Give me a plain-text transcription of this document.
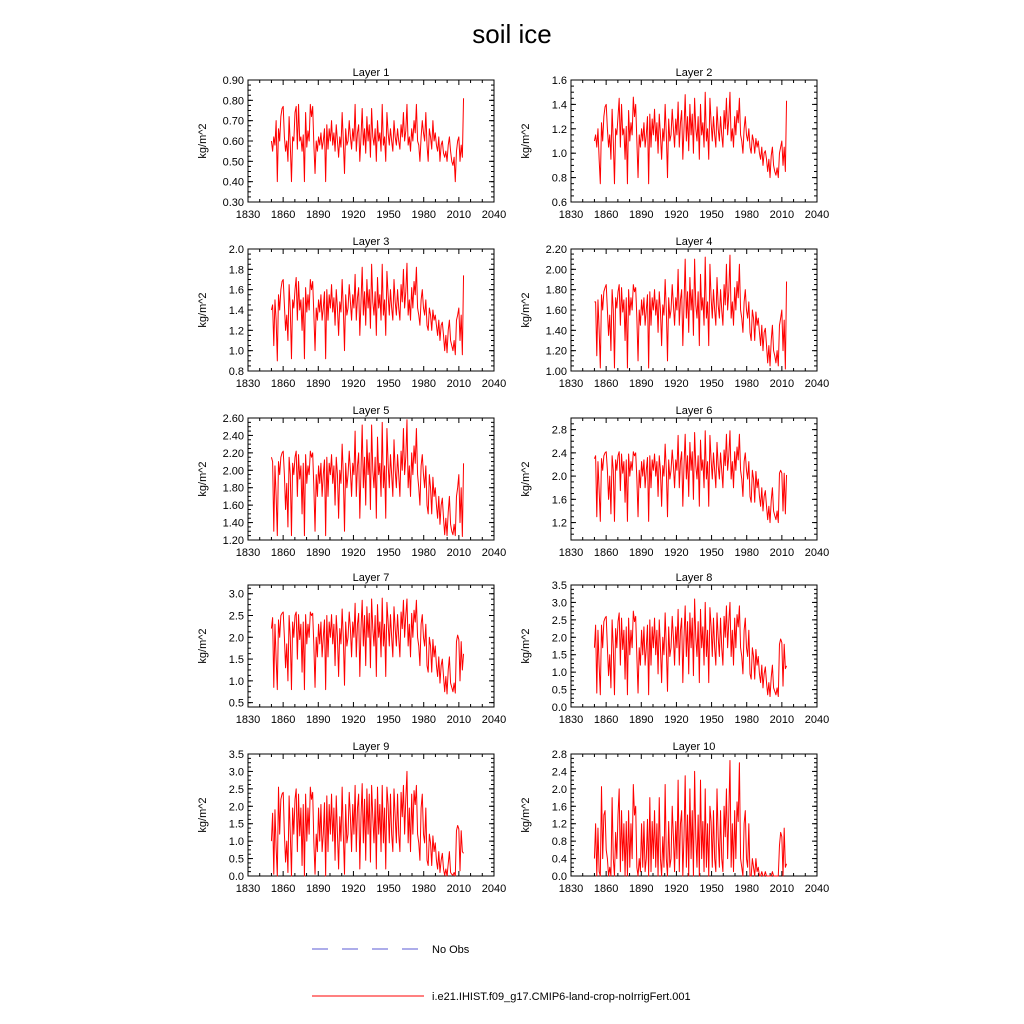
soil ice
Layer 1
1830 1860 1890 1920 1950 1980 2010 2040
0.30
0.40
0.50
0.60
0.70
0.80
0.90
kg/m^2
Layer 2
1830 1860 1890 1920 1950 1980 2010 2040
0.6
0.8
1.0
1.2
1.4
1.6
kg/m^2
Layer 3
1830 1860 1890 1920 1950 1980 2010 2040
0.8
1.0
1.2
1.4
1.6
1.8
2.0
kg/m^2
Layer 4
1830 1860 1890 1920 1950 1980 2010 2040
1.00
1.20
1.40
1.60
1.80
2.00
2.20
kg/m^2
Layer 5
1830 1860 1890 1920 1950 1980 2010 2040
1.20
1.40
1.60
1.80
2.00
2.20
2.40
2.60
kg/m^2
Layer 6
1830 1860 1890 1920 1950 1980 2010 2040
1.2
1.6
2.0
2.4
2.8
kg/m^2
Layer 7
1830 1860 1890 1920 1950 1980 2010 2040
0.5
1.0
1.5
2.0
2.5
3.0
kg/m^2
Layer 8
1830 1860 1890 1920 1950 1980 2010 2040
0.0
0.5
1.0
1.5
2.0
2.5
3.0
3.5
kg/m^2
Layer 9
1830 1860 1890 1920 1950 1980 2010 2040
0.0
0.5
1.0
1.5
2.0
2.5
3.0
3.5
kg/m^2
Layer 10
1830 1860 1890 1920 1950 1980 2010 2040
0.0
0.4
0.8
1.2
1.6
2.0
2.4
2.8
kg/m^2
No Obs
i.e21.IHIST.f09_g17.CMIP6-land-crop-noIrrigFert.001
